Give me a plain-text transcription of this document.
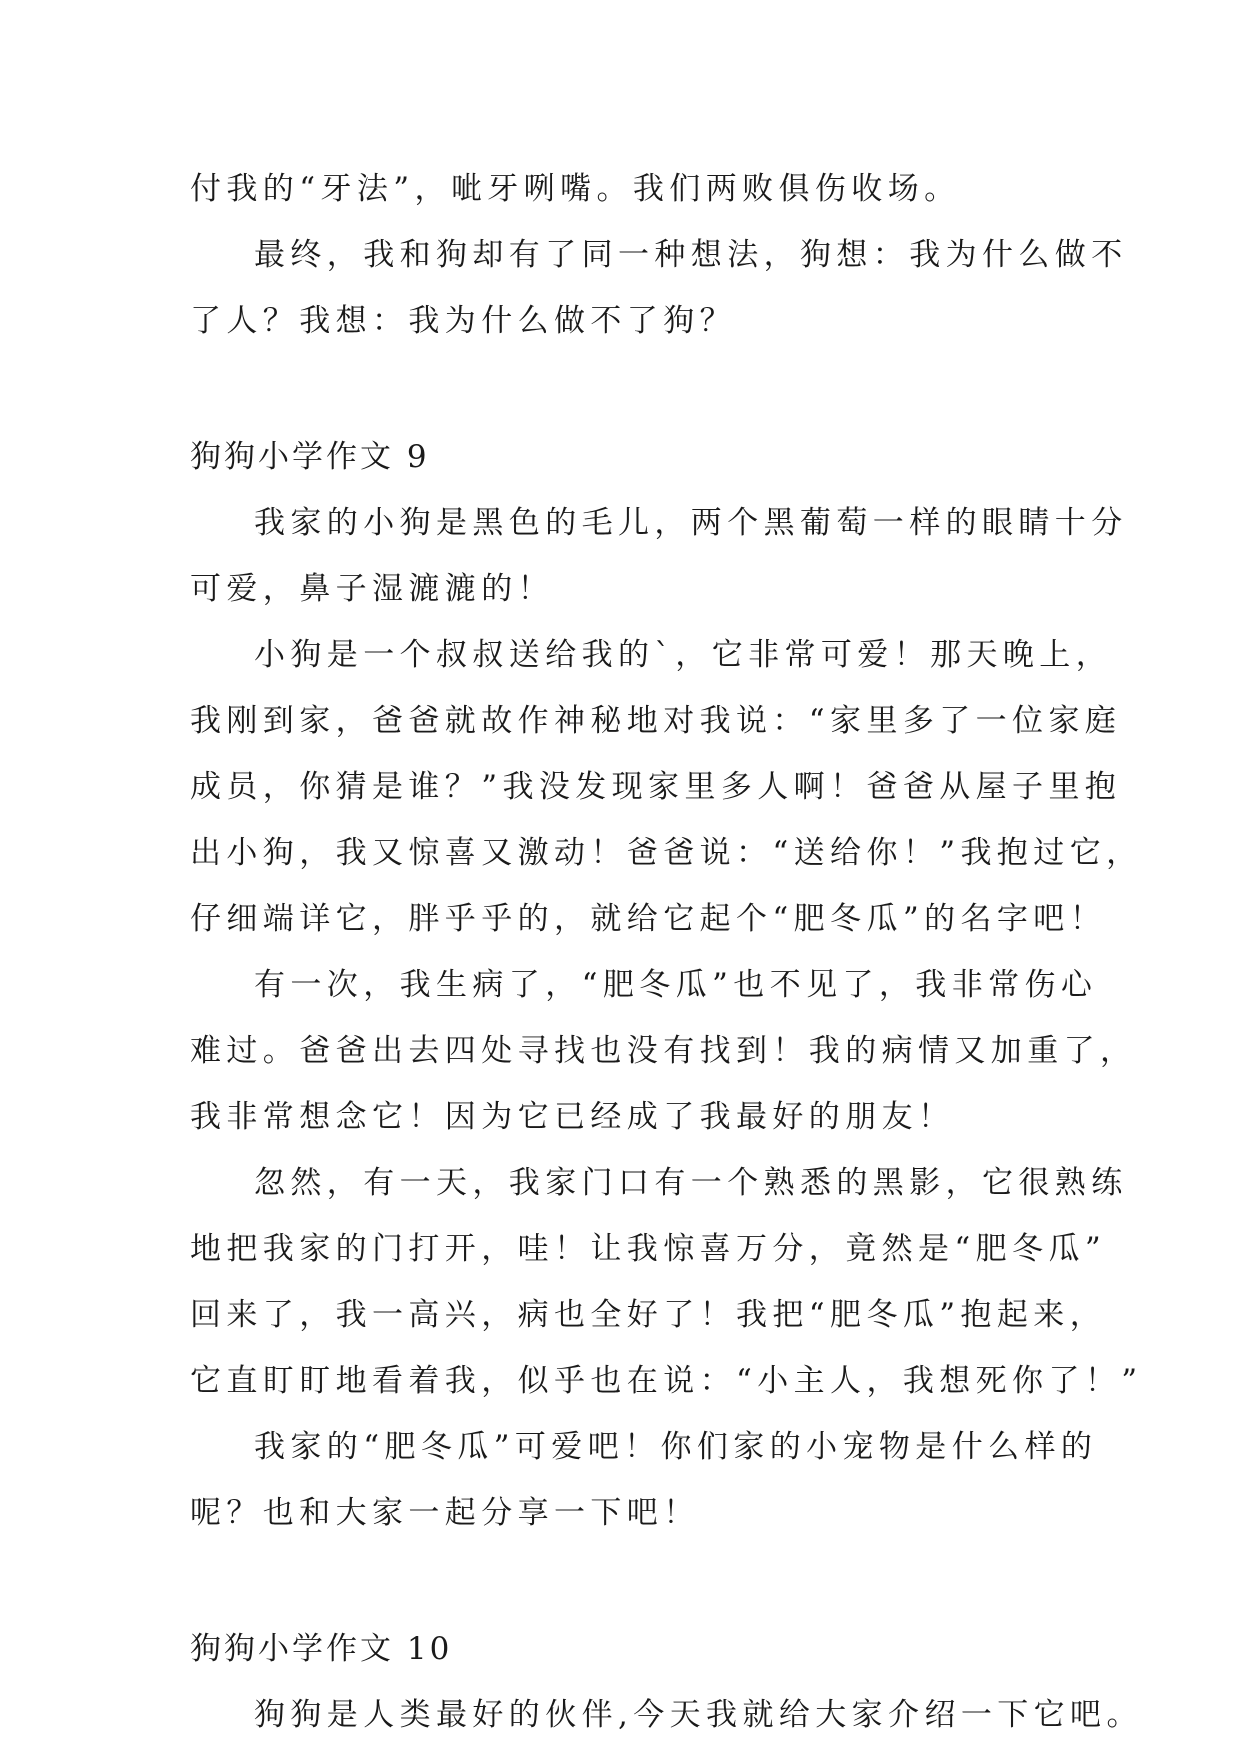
付我的“牙法”，呲牙咧嘴。我们两败俱伤收场。
最终，我和狗却有了同一种想法，狗想：我为什么做不
了人？我想：我为什么做不了狗？
狗狗小学作文 9
我家的小狗是黑色的毛儿，两个黑葡萄一样的眼睛十分
可爱，鼻子湿漉漉的！
小狗是一个叔叔送给我的`，它非常可爱！那天晚上，
我刚到家，爸爸就故作神秘地对我说：“家里多了一位家庭
成员，你猜是谁？”我没发现家里多人啊！爸爸从屋子里抱
出小狗，我又惊喜又激动！爸爸说：“送给你！”我抱过它，
仔细端详它，胖乎乎的，就给它起个“肥冬瓜”的名字吧！
有一次，我生病了，“肥冬瓜”也不见了，我非常伤心
难过。爸爸出去四处寻找也没有找到！我的病情又加重了，
我非常想念它！因为它已经成了我最好的朋友！
忽然，有一天，我家门口有一个熟悉的黑影，它很熟练
地把我家的门打开，哇！让我惊喜万分，竟然是“肥冬瓜”
回来了，我一高兴，病也全好了！我把“肥冬瓜”抱起来，
它直盯盯地看着我，似乎也在说：“小主人，我想死你了！”
我家的“肥冬瓜”可爱吧！你们家的小宠物是什么样的
呢？也和大家一起分享一下吧！
狗狗小学作文 10
狗狗是人类最好的伙伴,今天我就给大家介绍一下它吧。
